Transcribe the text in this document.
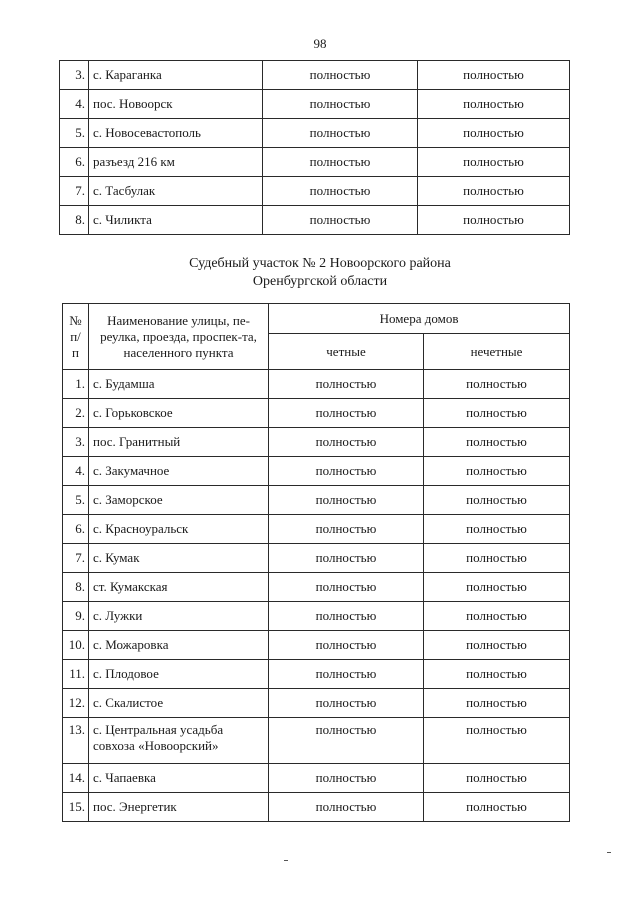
98
3.	с. Караганка	полностью	полностью
4.	пос. Новоорск	полностью	полностью
5.	с. Новосевастополь	полностью	полностью
6.	разъезд 216 км	полностью	полностью
7.	с. Тасбулак	полностью	полностью
8.	с. Чиликта	полностью	полностью
Судебный участок № 2 Новоорского района
Оренбургской области
№
п/п	Наименование улицы, пе-реулка, проезда, проспек-та, населенного пункта	Номера домов	
		четные	нечетные
1.	с. Будамша	полностью	полностью
2.	с. Горьковское	полностью	полностью
3.	пос. Гранитный	полностью	полностью
4.	с. Закумачное	полностью	полностью
5.	с. Заморское	полностью	полностью
6.	с. Красноуральск	полностью	полностью
7.	с. Кумак	полностью	полностью
8.	ст. Кумакская	полностью	полностью
9.	с. Лужки	полностью	полностью
10.	с. Можаровка	полностью	полностью
11.	с. Плодовое	полностью	полностью
12.	с. Скалистое	полностью	полностью
13.	с. Центральная усадьба совхоза «Новоорский»	полностью	полностью
14.	с. Чапаевка	полностью	полностью
15.	пос. Энергетик	полностью	полностью
